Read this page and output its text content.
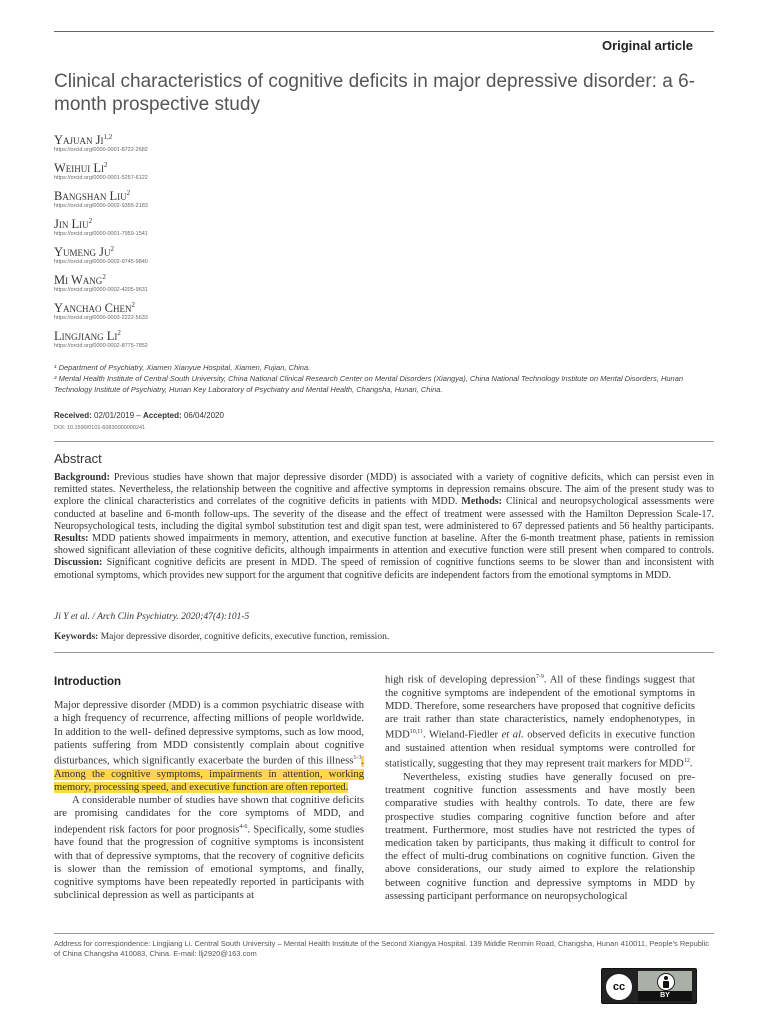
Original article
Clinical characteristics of cognitive deficits in major depressive disorder: a 6-month prospective study
Yajuan Ji$^{1,2}$
https://orcid.org/0000-0001-8722-2682
Weihui Li$^2$
https://orcid.org/0000-0001-5257-6122
Bangshan Liu$^2$
https://orcid.org/0000-0002-9355-2183
Jin Liu$^2$
https://orcid.org/0000-0001-7959-1541
Yumeng Ju$^2$
https://orcid.org/0000-0002-9745-9840
Mi Wang$^2$
https://orcid.org/0000-0002-4205-9631
Yanchao Chen$^2$
https://orcid.org/0000-0003-2222-5633
Lingjiang Li$^2$
https://orcid.org/0000-0002-8775-7852
¹ Department of Psychiatry, Xiamen Xianyue Hospital, Xiamen, Fujian, China.
² Mental Health Institute of Central South University, China National Clinical Research Center on Mental Disorders (Xiangya), China National Technology Institute on Mental Disorders, Hunan Technology Institute of Psychiatry, Hunan Key Laboratory of Psychiatry and Mental Health, Changsha, Hunan, China.
Received: 02/01/2019 – Accepted: 06/04/2020
DOI: 10.1590/0101-60830000000241
Abstract
Background: Previous studies have shown that major depressive disorder (MDD) is associated with a variety of cognitive deficits, which can persist even in remitted states. Nevertheless, the relationship between the cognitive and affective symptoms in depression remains obscure. The aim of the present study was to explore the clinical characteristics and correlates of the cognitive deficits in patients with MDD. Methods: Clinical and neuropsychological assessments were conducted at baseline and 6-month follow-ups. The severity of the disease and the effect of treatment were assessed with the Hamilton Depression Scale-17. Neuropsychological tests, including the digital symbol substitution test and digit span test, were administered to 67 depressed patients and 56 healthy participants. Results: MDD patients showed impairments in memory, attention, and executive function at baseline. After the 6-month treatment phase, patients in remission showed significant alleviation of these cognitive deficits, although impairments in attention and executive function were still present when compared to controls. Discussion: Significant cognitive deficits are present in MDD. The speed of remission of cognitive functions seems to be slower than and inconsistent with emotional symptoms, which provides new support for the argument that cognitive deficits are independent factors from the emotional symptoms in MDD.
Ji Y et al. / Arch Clin Psychiatry. 2020;47(4):101-5
Keywords: Major depressive disorder, cognitive deficits, executive function, remission.
Introduction

Major depressive disorder (MDD) is a common psychiatric disease with a high frequency of recurrence, affecting millions of people worldwide. In addition to the well- defined depressive symptoms, such as low mood, patients suffering from MDD consistently complain about cognitive disturbances, which significantly exacerbate the burden of this illness$^{1-3}$. Among the cognitive symptoms, impairments in attention, working memory, processing speed, and executive function are often reported.

A considerable number of studies have shown that cognitive deficits are promising candidates for the core symptoms of MDD, and independent risk factors for poor prognosis$^{4-6}$. Specifically, some studies have found that the progression of cognitive symptoms is inconsistent with that of depressive symptoms, that the recovery of cognitive deficits is slower than the remission of emotional symptoms, and finally, cognitive symptoms have been repeatedly reported in participants with subclinical depression as well as participants at

high risk of developing depression$^{7-9}$. All of these findings suggest that the cognitive symptoms are independent of the emotional symptoms in MDD. Therefore, some researchers have proposed that cognitive deficits are trait rather than state characteristics, namely endophenotypes, in MDD$^{10,11}$. Wieland-Fiedler et al. observed deficits in executive function and sustained attention when residual symptoms were controlled for statistically, suggesting that they may represent trait markers for MDD$^{12}$.

Nevertheless, existing studies have generally focused on pre-treatment cognitive function assessments and have mostly been comparative studies with healthy controls. To date, there are few prospective studies comparing cognitive function before and after treatment. Furthermore, most studies have not restricted the types of medication taken by participants, thus making it difficult to control for the effect of multi-drug combinations on cognitive function. Given the above considerations, our study aimed to explore the relationship between cognitive function and depressive symptoms in MDD by assessing participant performance on neuropsychological

Address for correspondence: Lingjiang Li. Central South University – Mental Health Institute of the Second Xiangya Hospital. 139 Middle Renmin Road, Changsha, Hunan 410011, People's Republic of China Changsha 410083, China. E-mail: llj2920@163.com
cc
BY
